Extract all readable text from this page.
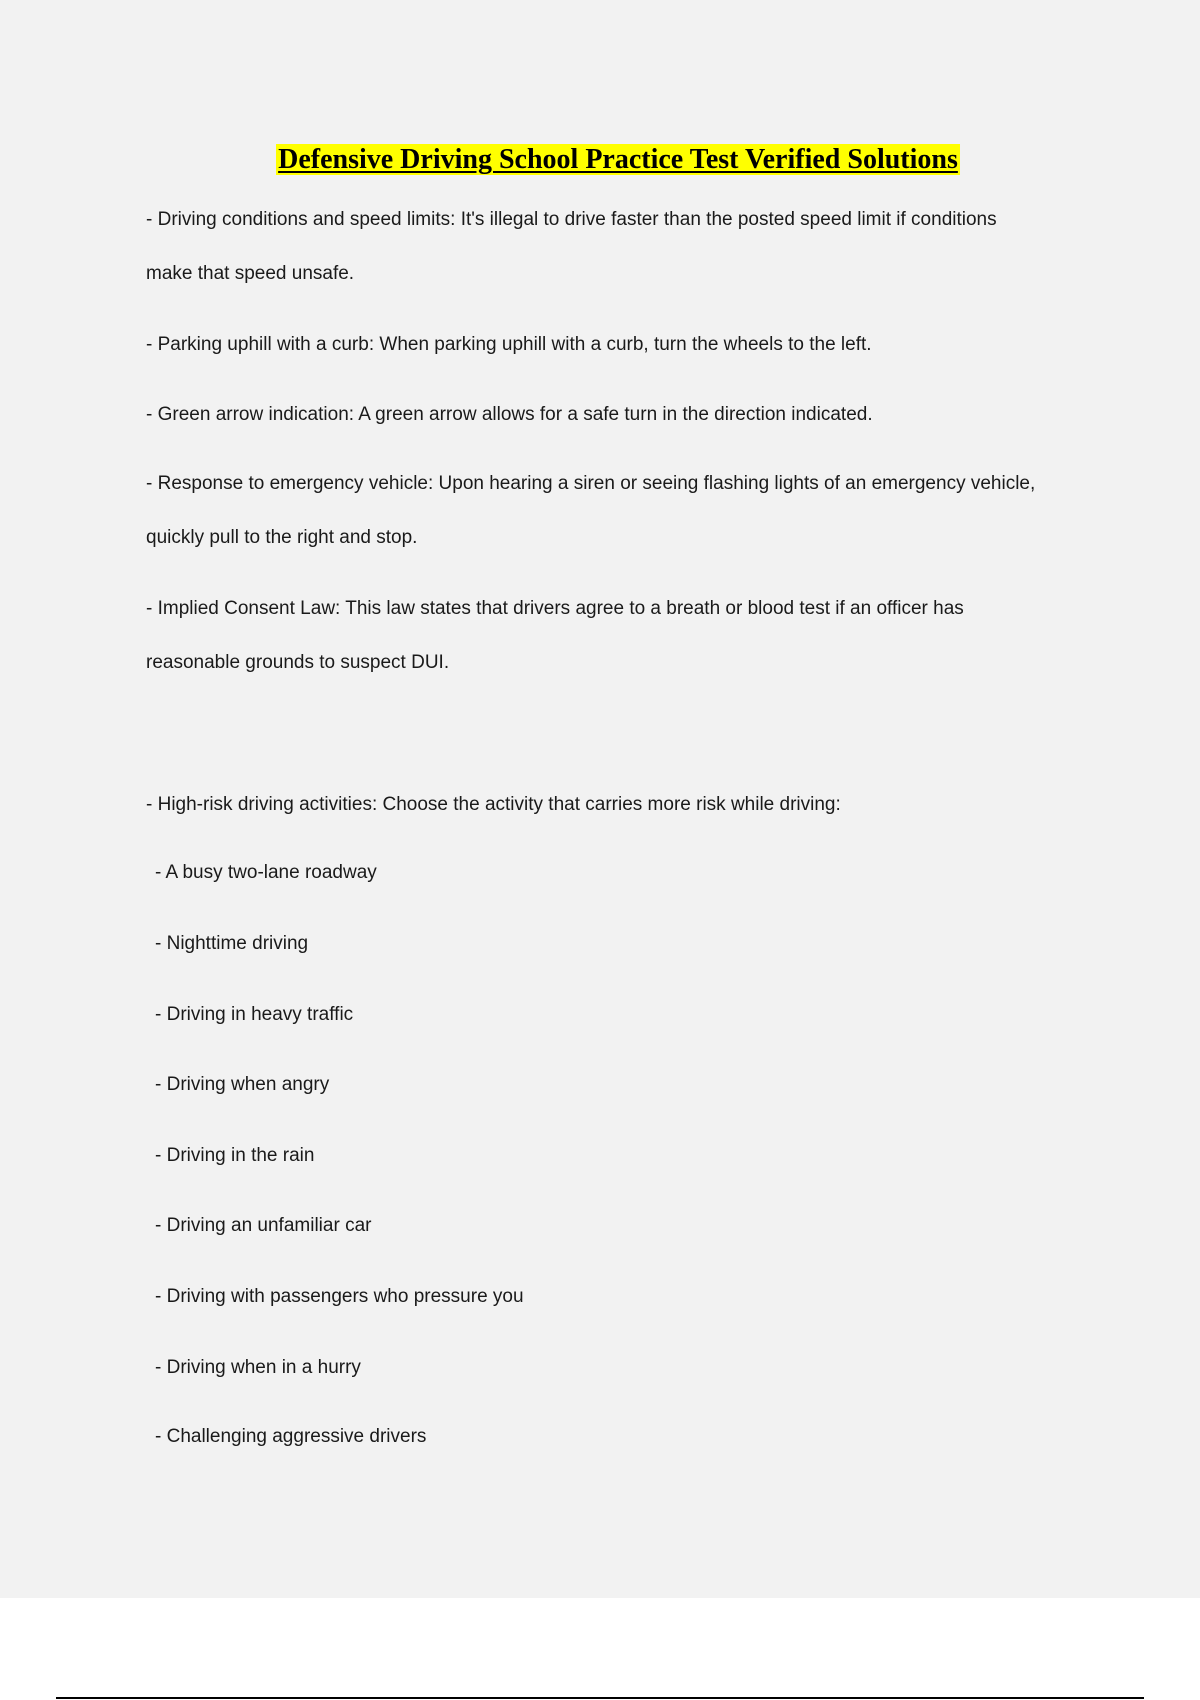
Defensive Driving School Practice Test Verified Solutions

- Driving conditions and speed limits: It's illegal to drive faster than the posted speed limit if conditions

make that speed unsafe.

- Parking uphill with a curb: When parking uphill with a curb, turn the wheels to the left.

- Green arrow indication: A green arrow allows for a safe turn in the direction indicated.

- Response to emergency vehicle: Upon hearing a siren or seeing flashing lights of an emergency vehicle,

quickly pull to the right and stop.

- Implied Consent Law: This law states that drivers agree to a breath or blood test if an officer has

reasonable grounds to suspect DUI.

- High-risk driving activities: Choose the activity that carries more risk while driving:

- A busy two-lane roadway

- Nighttime driving

- Driving in heavy traffic

- Driving when angry

- Driving in the rain

- Driving an unfamiliar car

- Driving with passengers who pressure you

- Driving when in a hurry

- Challenging aggressive drivers
